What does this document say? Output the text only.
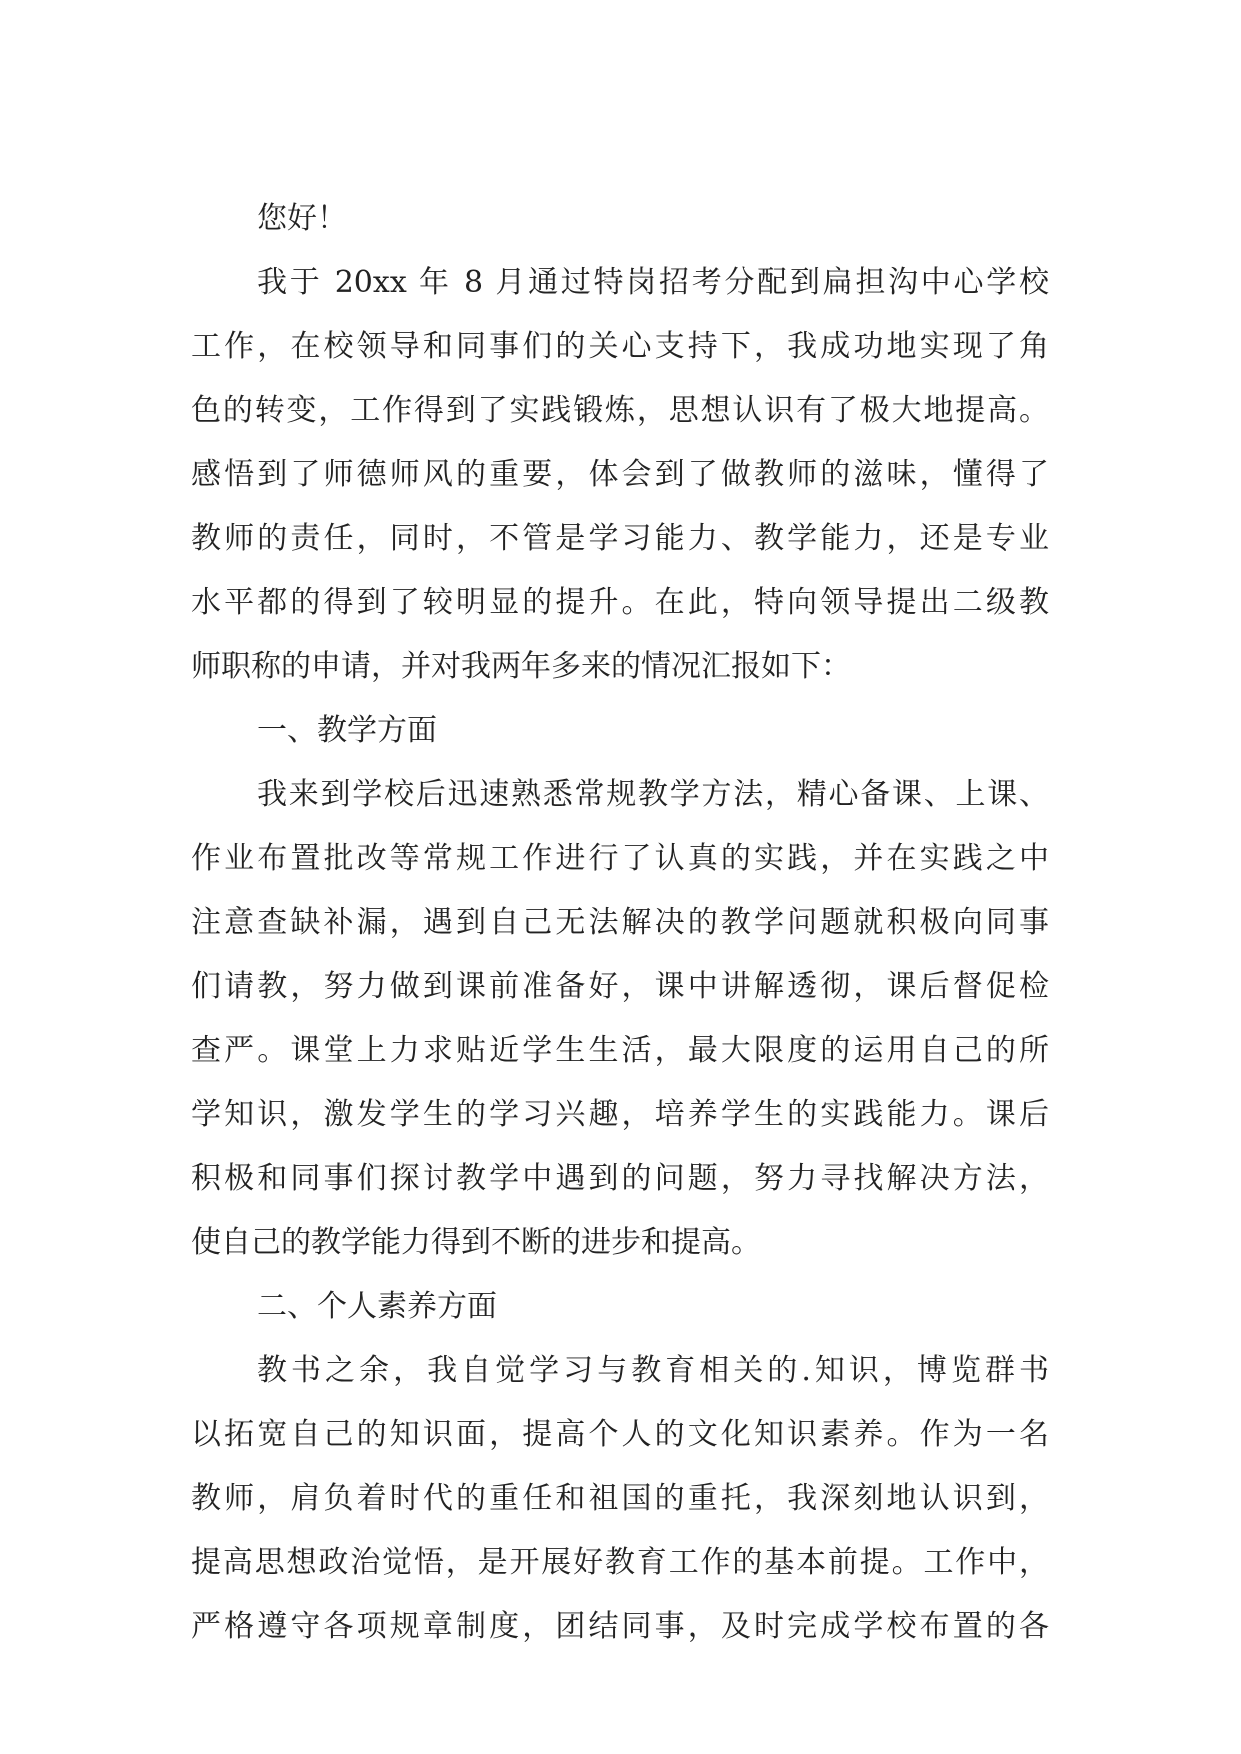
您好！
我于 20xx 年 8 月通过特岗招考分配到扁担沟中心学校
工作，在校领导和同事们的关心支持下，我成功地实现了角
色的转变，工作得到了实践锻炼，思想认识有了极大地提高。
感悟到了师德师风的重要，体会到了做教师的滋味，懂得了
教师的责任，同时，不管是学习能力、教学能力，还是专业
水平都的得到了较明显的提升。在此，特向领导提出二级教
师职称的申请，并对我两年多来的情况汇报如下：
一、教学方面
我来到学校后迅速熟悉常规教学方法，精心备课、上课、
作业布置批改等常规工作进行了认真的实践，并在实践之中
注意查缺补漏，遇到自己无法解决的教学问题就积极向同事
们请教，努力做到课前准备好，课中讲解透彻，课后督促检
查严。课堂上力求贴近学生生活，最大限度的运用自己的所
学知识，激发学生的学习兴趣，培养学生的实践能力。课后
积极和同事们探讨教学中遇到的问题，努力寻找解决方法，
使自己的教学能力得到不断的进步和提高。
二、个人素养方面
教书之余，我自觉学习与教育相关的.知识，博览群书
以拓宽自己的知识面，提高个人的文化知识素养。作为一名
教师，肩负着时代的重任和祖国的重托，我深刻地认识到，
提高思想政治觉悟，是开展好教育工作的基本前提。工作中，
严格遵守各项规章制度，团结同事，及时完成学校布置的各
